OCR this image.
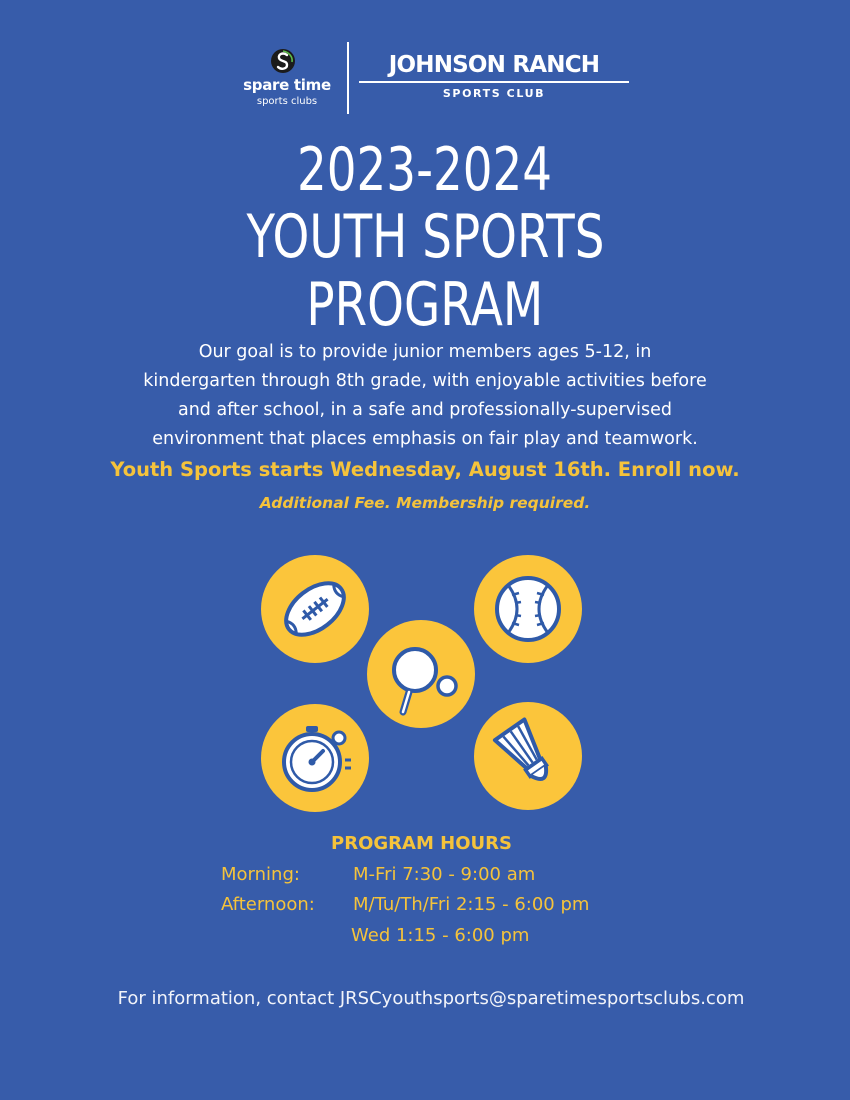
spare time
sports clubs
JOHNSON RANCH
SPORTS CLUB
2023-2024
YOUTH SPORTS
PROGRAM
Our goal is to provide junior members ages 5-12, in
kindergarten through 8th grade, with enjoyable activities before
and after school, in a safe and professionally-supervised
environment that places emphasis on fair play and teamwork.
Youth Sports starts Wednesday, August 16th. Enroll now.
Additional Fee. Membership required.
PROGRAM HOURS
Morning:	M-Fri 7:30 - 9:00 am
Afternoon: M/Tu/Th/Fri 2:15 - 6:00 pm
Wed 1:15 - 6:00 pm
For information, contact JRSCyouthsports@sparetimesportsclubs.com
